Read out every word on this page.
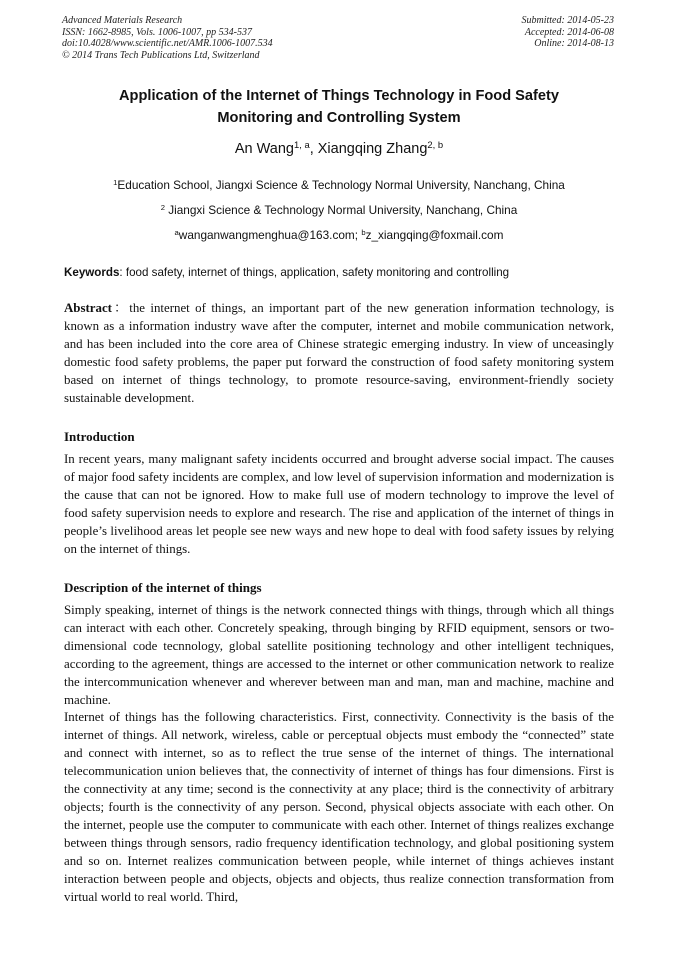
Advanced Materials Research
ISSN: 1662-8985, Vols. 1006-1007, pp 534-537
doi:10.4028/www.scientific.net/AMR.1006-1007.534
© 2014 Trans Tech Publications Ltd, Switzerland
Submitted: 2014-05-23
Accepted: 2014-06-08
Online: 2014-08-13
Application of the Internet of Things Technology in Food Safety
Monitoring and Controlling System
An Wang$^{1, a}$, Xiangqing Zhang$^{2, b}$
$^1$Education School, Jiangxi Science & Technology Normal University, Nanchang, China
$^2$ Jiangxi Science & Technology Normal University, Nanchang, China
$^a$wanganwangmenghua@163.com; $^b$z_xiangqing@foxmail.com
Keywords: food safety, internet of things, application, safety monitoring and controlling

Abstract：the internet of things, an important part of the new generation information technology, is known as a information industry wave after the computer, internet and mobile communication network, and has been included into the core area of Chinese strategic emerging industry. In view of unceasingly domestic food safety problems, the paper put forward the construction of food safety monitoring system based on internet of things technology, to promote resource-saving, environment-friendly society sustainable development.

Introduction

In recent years, many malignant safety incidents occurred and brought adverse social impact. The causes of major food safety incidents are complex, and low level of supervision information and modernization is the cause that can not be ignored. How to make full use of modern technology to improve the level of food safety supervision needs to explore and research. The rise and application of the internet of things in people’s livelihood areas let people see new ways and new hope to deal with food safety issues by relying on the internet of things.

Description of the internet of things

Simply speaking, internet of things is the network connected things with things, through which all things can interact with each other. Concretely speaking, through binging by RFID equipment, sensors or two-dimensional code tecnnology, global satellite positioning technology and other intelligent techniques, according to the agreement, things are accessed to the internet or other communication network to realize the intercommunication whenever and wherever between man and man, man and machine, machine and machine.

Internet of things has the following characteristics. First, connectivity. Connectivity is the basis of the internet of things. All network, wireless, cable or perceptual objects must embody the “connected” state and connect with internet, so as to reflect the true sense of the internet of things. The international telecommunication union believes that, the connectivity of internet of things has four dimensions. First is the connectivity at any time; second is the connectivity at any place; third is the connectivity of arbitrary objects; fourth is the connectivity of any person. Second, physical objects associate with each other. On the internet, people use the computer to communicate with each other. Internet of things realizes exchange between things through sensors, radio frequency identification technology, and global positioning system and so on. Internet realizes communication between people, while internet of things achieves instant interaction between people and objects, objects and objects, thus realize connection transformation from virtual world to real world. Third,
